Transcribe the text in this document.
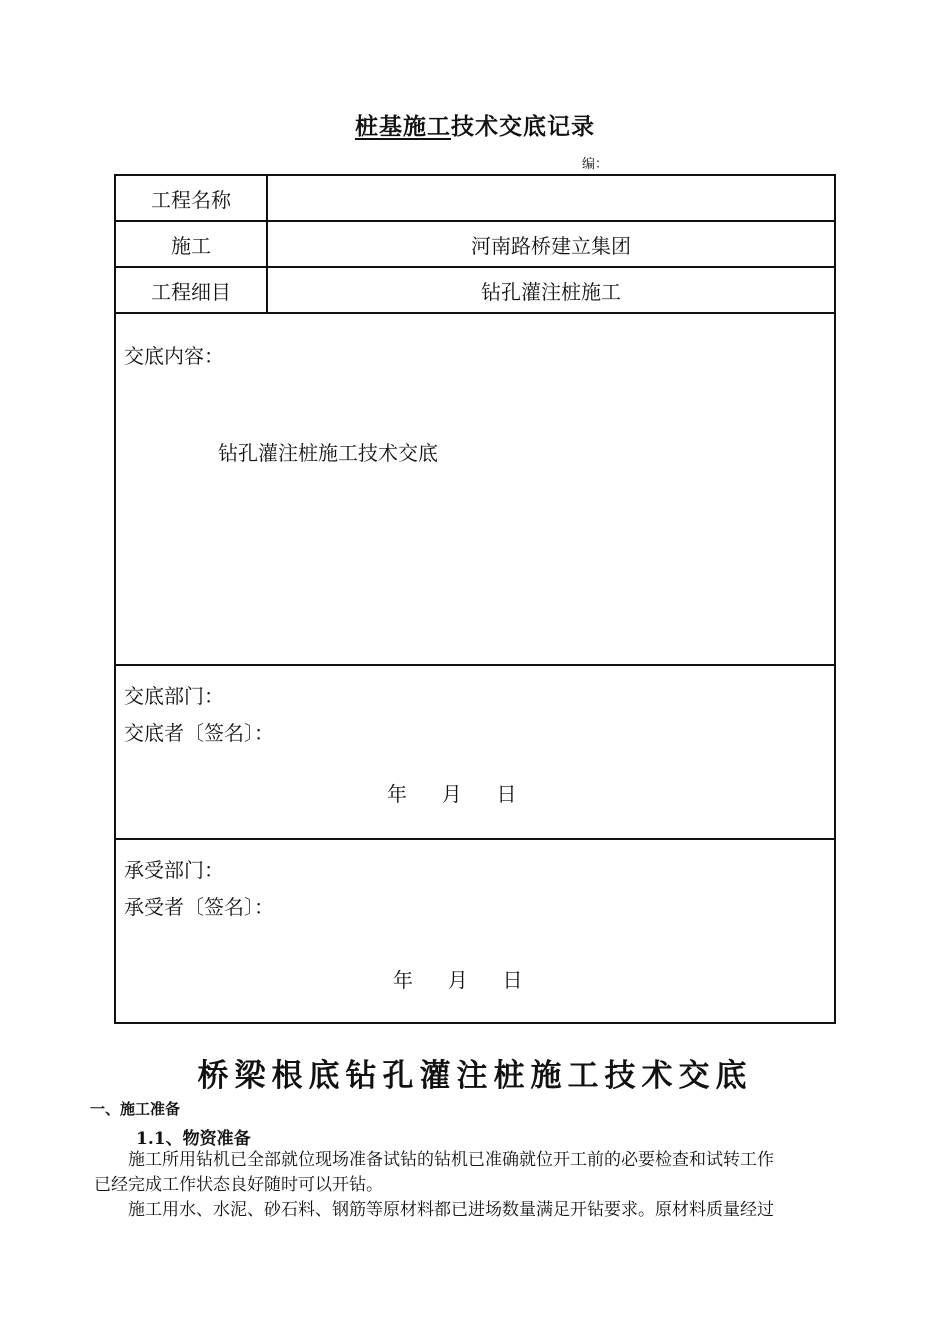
桩基施工技术交底记录
编：
工程名称	
施工	河南路桥建立集团
工程细目	钻孔灌注桩施工

交底内容：
钻孔灌注桩施工技术交底	

交底部门：
交底者〔签名〕：
年 月 日	

承受部门：
承受者〔签名〕：
年 月 日	
桥梁根底钻孔灌注桩施工技术交底
一、施工准备
1.1、物资准备
施工所用钻机已全部就位现场准备试钻的钻机已准确就位开工前的必要检查和试转工作
已经完成工作状态良好随时可以开钻。
施工用水、水泥、砂石料、钢筋等原材料都已进场数量满足开钻要求。原材料质量经过
